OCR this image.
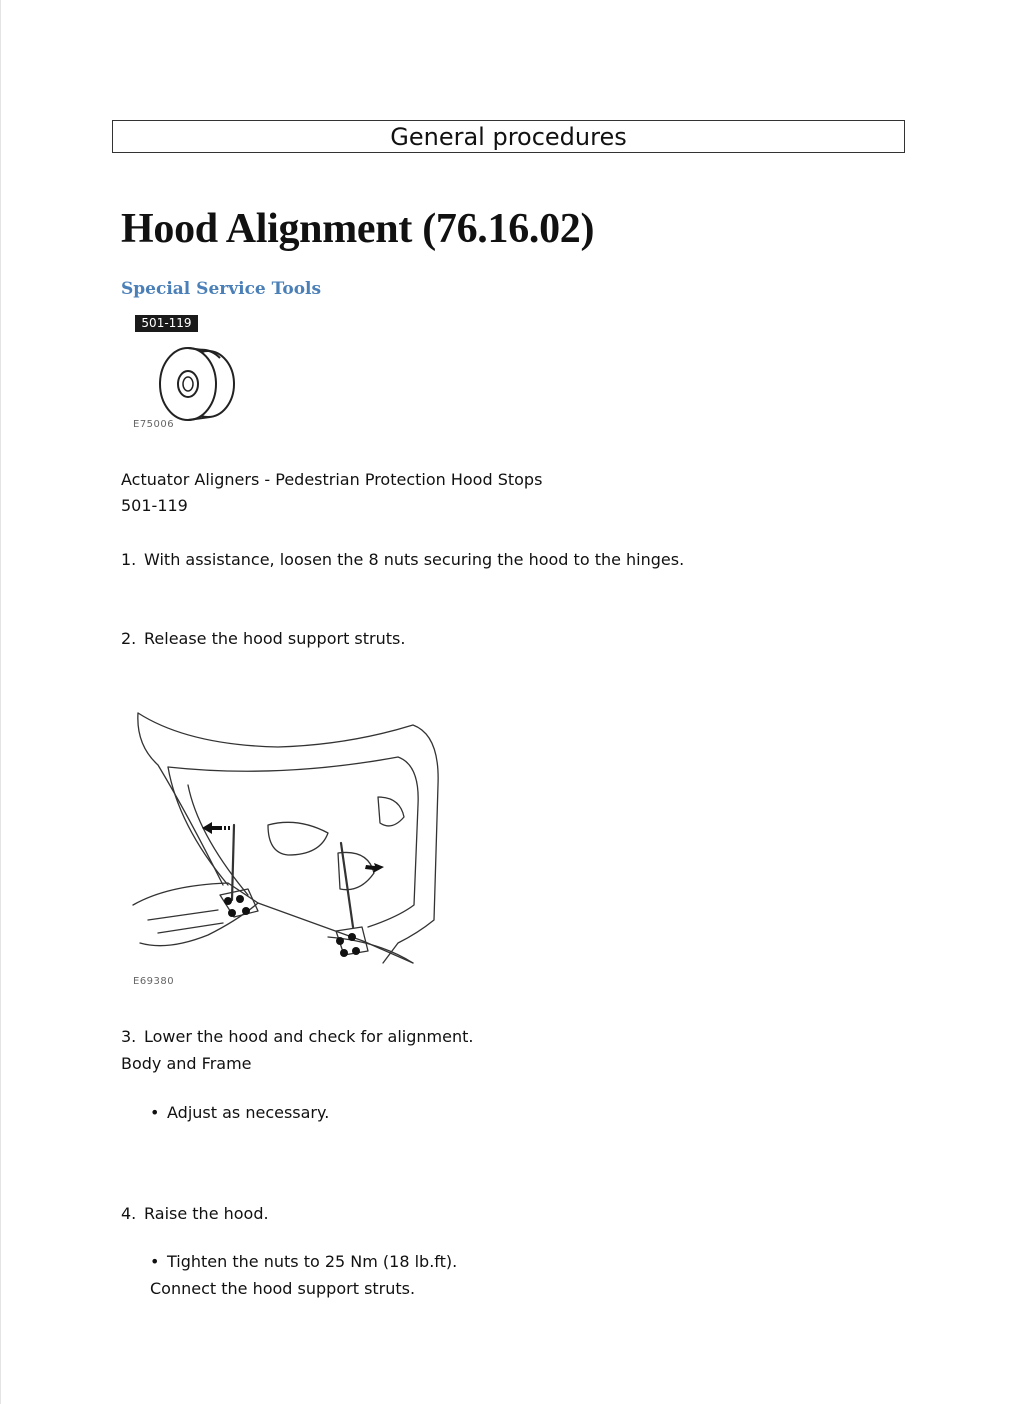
General procedures
Hood Alignment (76.16.02)
Special Service Tools
501-119
E75006

Actuator Aligners - Pedestrian Protection Hood Stops

501-119

1. With assistance, loosen the 8 nuts securing the hood to the hinges.

2. Release the hood support struts.

E69380

3. Lower the hood and check for alignment.

Body and Frame

• Adjust as necessary.

4. Raise the hood.

• Tighten the nuts to 25 Nm (18 lb.ft).

Connect the hood support struts.
